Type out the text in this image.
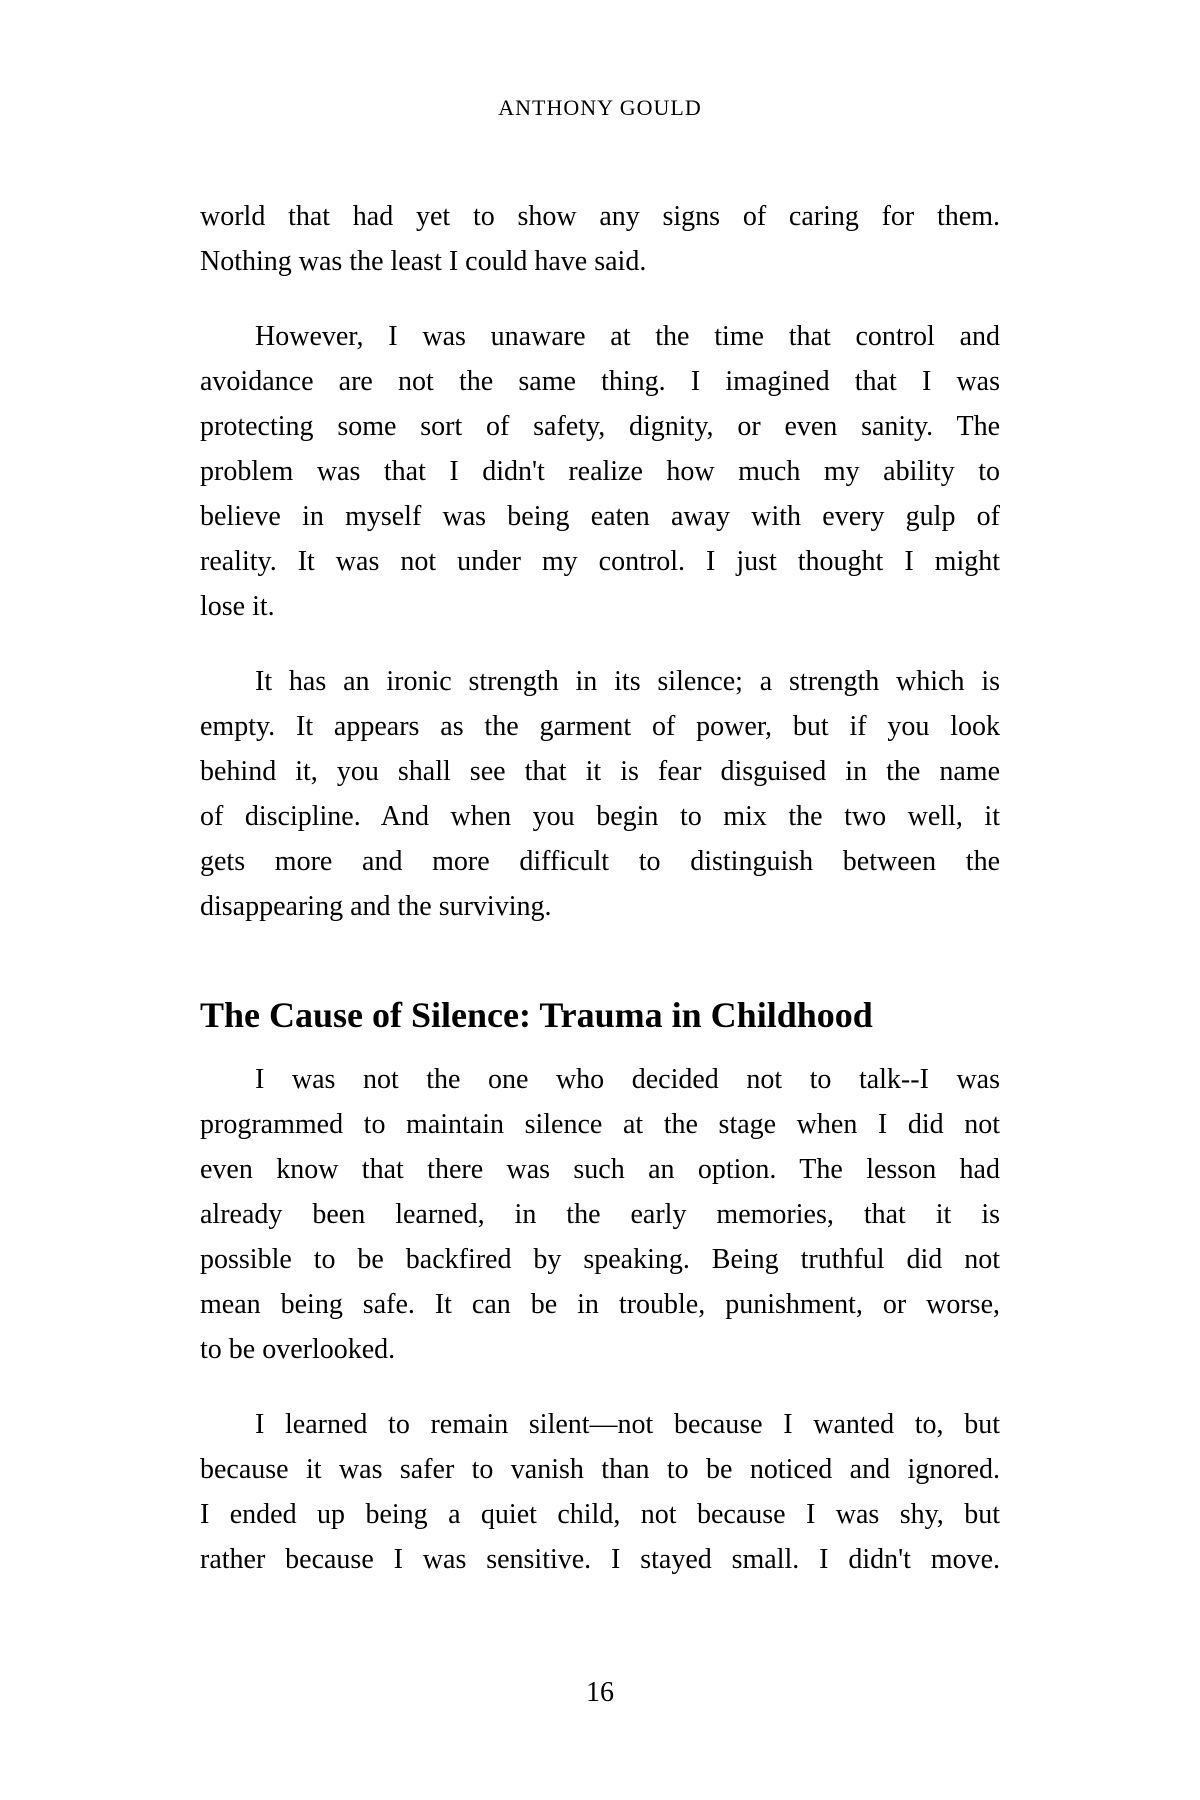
ANTHONY GOULD
world that had yet to show any signs of caring for them.
Nothing was the least I could have said.
However, I was unaware at the time that control and
avoidance are not the same thing. I imagined that I was
protecting some sort of safety, dignity, or even sanity. The
problem was that I didn't realize how much my ability to
believe in myself was being eaten away with every gulp of
reality. It was not under my control. I just thought I might
lose it.
It has an ironic strength in its silence; a strength which is
empty. It appears as the garment of power, but if you look
behind it, you shall see that it is fear disguised in the name
of discipline. And when you begin to mix the two well, it
gets more and more difficult to distinguish between the
disappearing and the surviving.
The Cause of Silence: Trauma in Childhood
I was not the one who decided not to talk--I was
programmed to maintain silence at the stage when I did not
even know that there was such an option. The lesson had
already been learned, in the early memories, that it is
possible to be backfired by speaking. Being truthful did not
mean being safe. It can be in trouble, punishment, or worse,
to be overlooked.
I learned to remain silent—not because I wanted to, but
because it was safer to vanish than to be noticed and ignored.
I ended up being a quiet child, not because I was shy, but
rather because I was sensitive. I stayed small. I didn't move.
16
